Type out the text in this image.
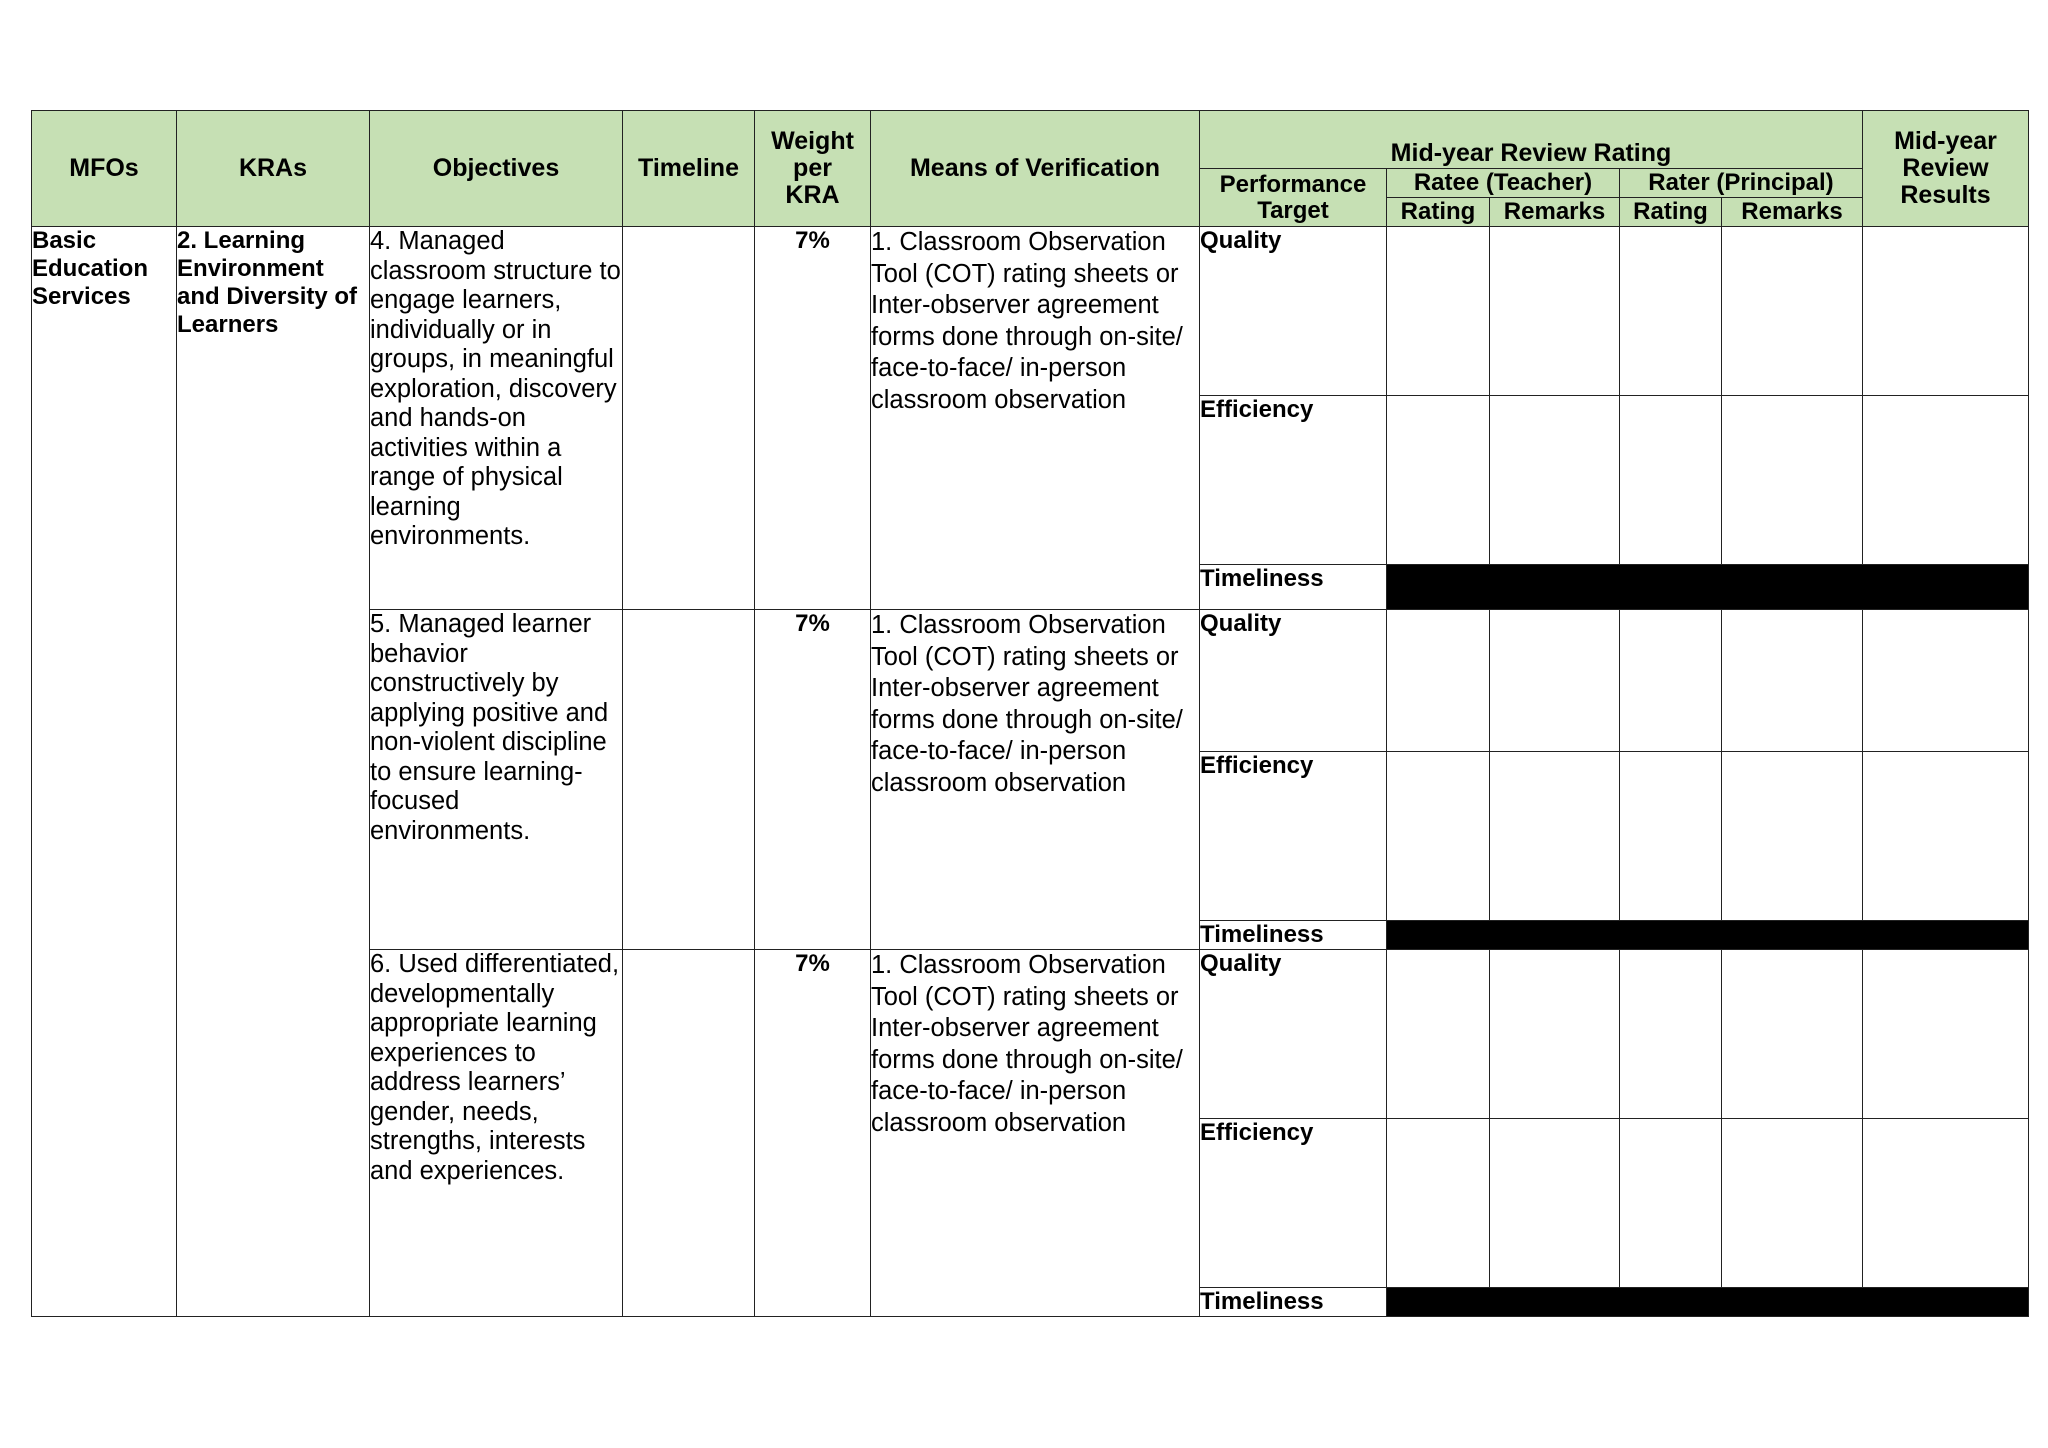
MFOs	KRAs	Objectives	Timeline	Weight per KRA	Means of Verification	Mid-year Review Rating					Mid-year Review Results
						Performance Target	Ratee (Teacher)		Rater (Principal)		
							Rating	Remarks	Rating	Remarks	
Basic Education Services	2. Learning Environment and Diversity of Learners	4. Managed classroom structure to engage learners, individually or in groups, in meaningful exploration, discovery and hands-on activities within a range of physical learning environments.		7%	1. Classroom Observation Tool (COT) rating sheets or Inter-observer agreement forms done through on-site/ face-to-face/ in-person classroom observation	Quality					
						Efficiency					
						Timeliness					
		5. Managed learner behavior constructively by applying positive and non-violent discipline to ensure learning-focused environments.		7%	1. Classroom Observation Tool (COT) rating sheets or Inter-observer agreement forms done through on-site/ face-to-face/ in-person classroom observation	Quality					
						Efficiency					
						Timeliness					
		6. Used differentiated, developmentally appropriate learning experiences to address learners’ gender, needs, strengths, interests and experiences.		7%	1. Classroom Observation Tool (COT) rating sheets or Inter-observer agreement forms done through on-site/ face-to-face/ in-person classroom observation	Quality					
						Efficiency					
						Timeliness					
